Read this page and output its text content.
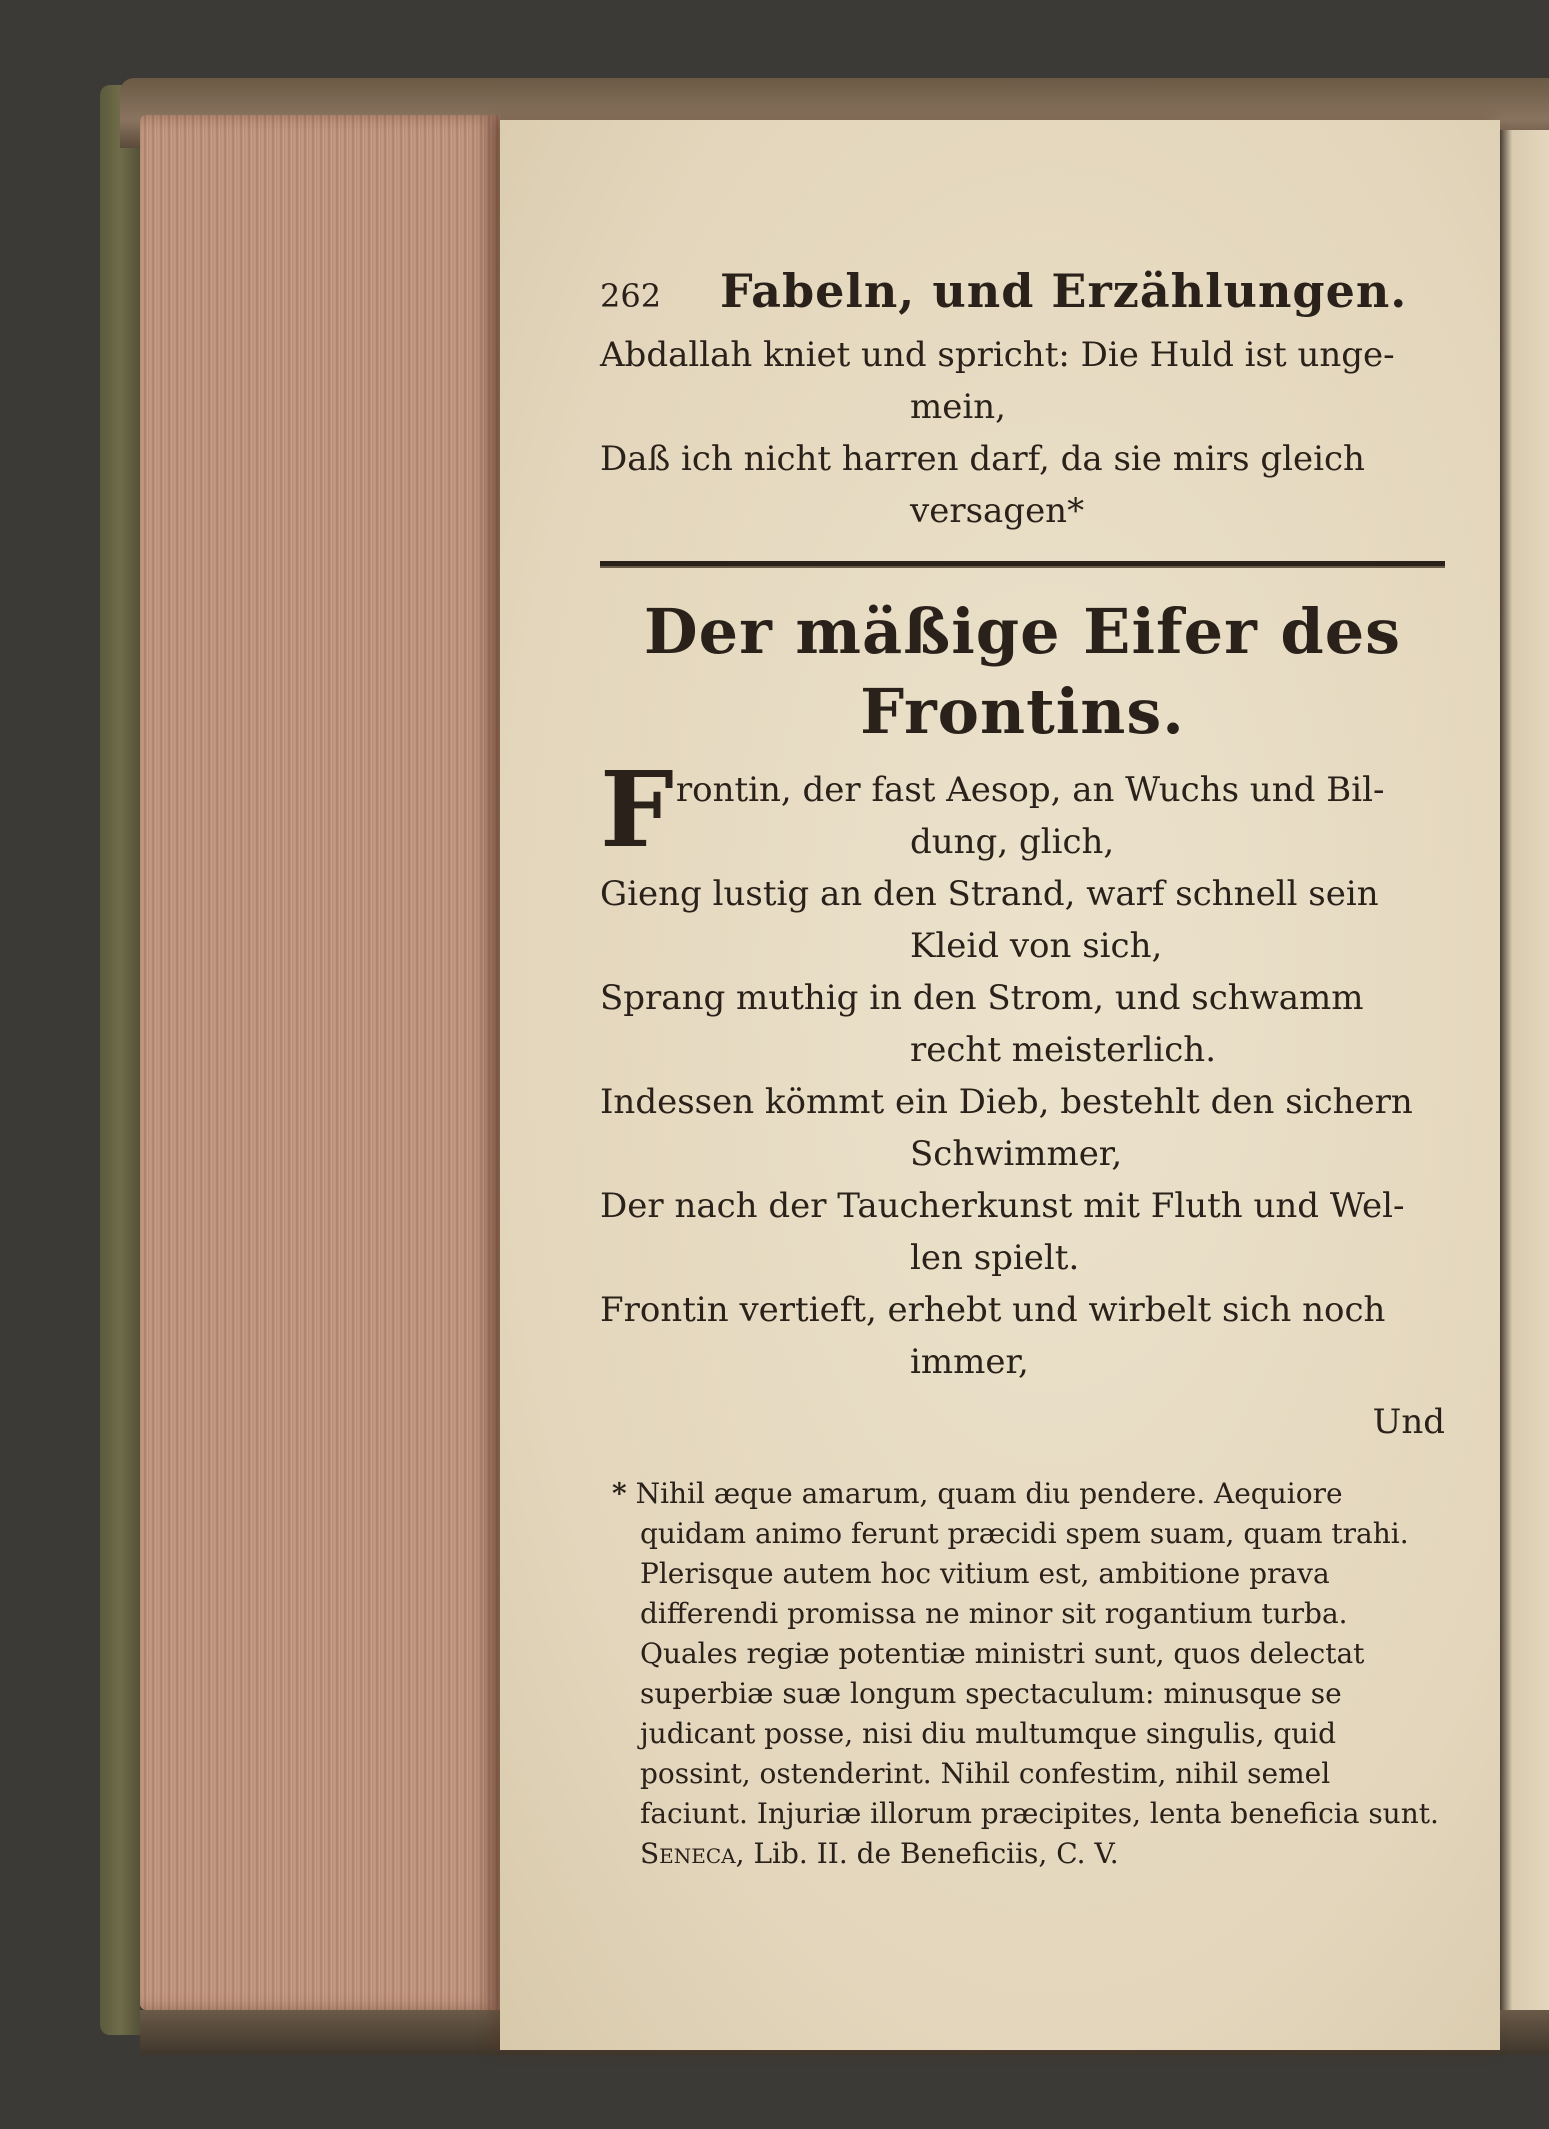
262	Fabeln, und Erzählungen.
Abdallah kniet und spricht: Die Huld ist unge-
mein,
Daß ich nicht harren darf, da sie mirs gleich
versagen*
Der mäßige Eifer des Frontins.
F rontin, der fast Aesop, an Wuchs und Bil-
dung, glich,
Gieng lustig an den Strand, warf schnell sein
Kleid von sich,
Sprang muthig in den Strom, und schwamm
recht meisterlich.
Indessen kömmt ein Dieb, bestehlt den sichern
Schwimmer,
Der nach der Taucherkunst mit Fluth und Wel-
len spielt.
Frontin vertieft, erhebt und wirbelt sich noch
immer,
Und
* Nihil æque amarum, quam diu pendere. Aequiore quidam animo ferunt præcidi spem suam, quam trahi. Plerisque autem hoc vitium est, ambitione prava differendi promissa ne minor sit rogantium turba. Quales regiæ potentiæ ministri sunt, quos delectat superbiæ suæ longum spectaculum: minusque se judicant posse, nisi diu multumque singulis, quid possint, ostenderint. Nihil confestim, nihil semel faciunt. Injuriæ illorum præcipites, lenta beneficia sunt. Seneca, Lib. II. de Beneficiis, C. V.
